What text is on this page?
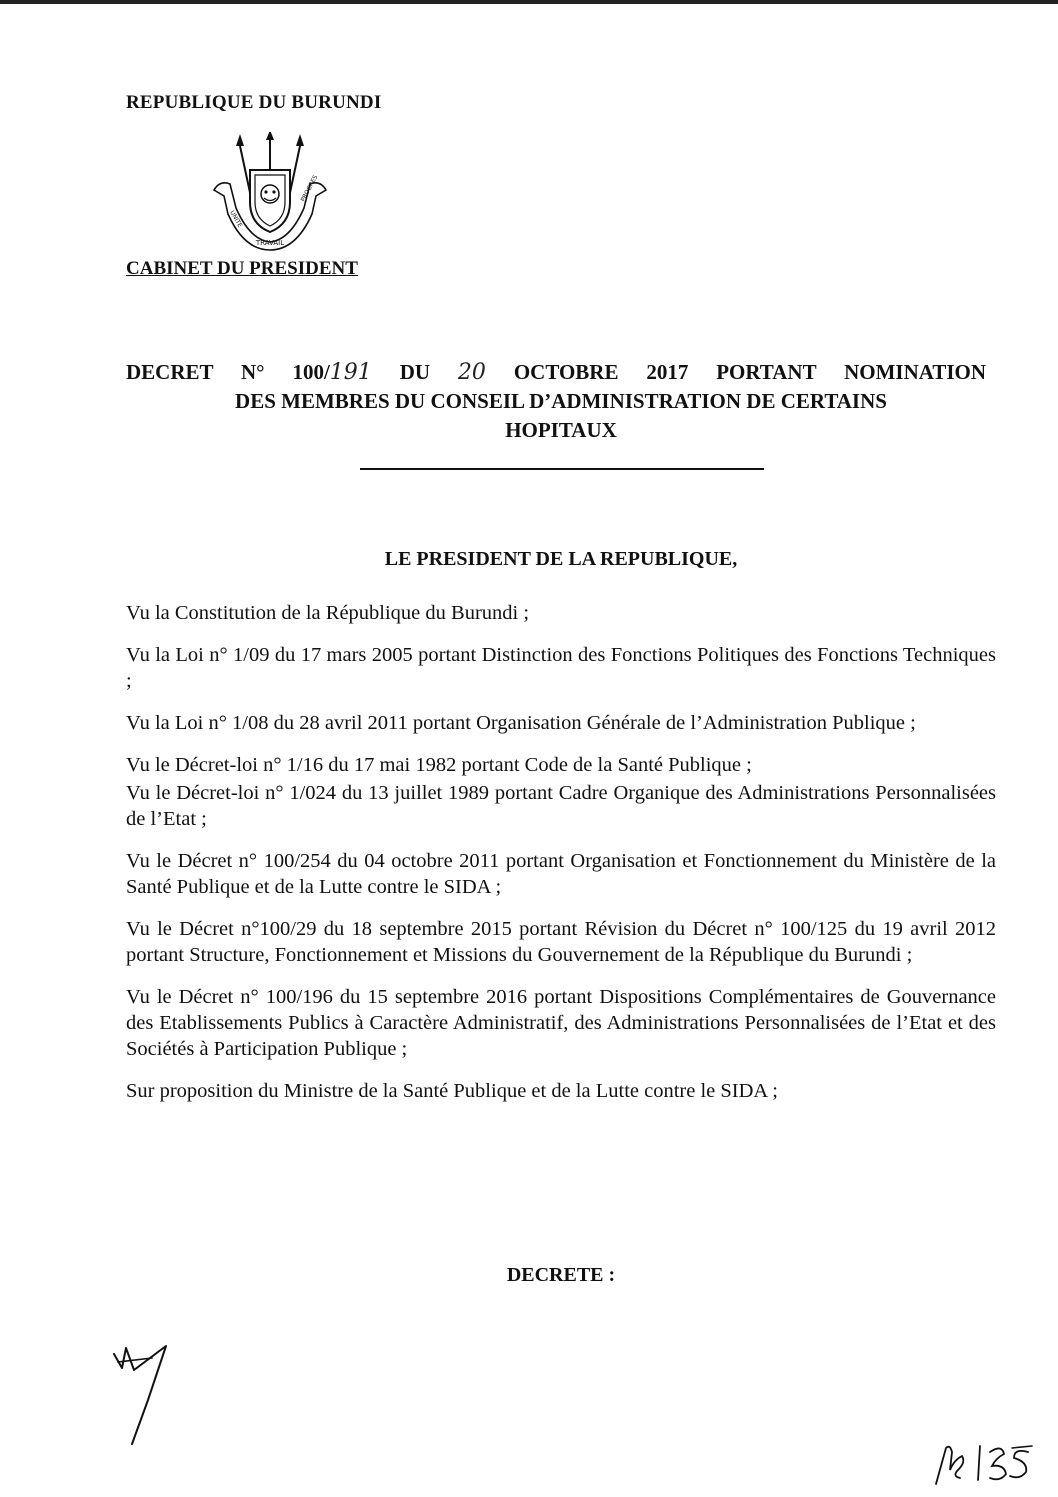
REPUBLIQUE DU BURUNDI
TRAVAIL
UNITE
PROGRES
CABINET DU PRESIDENT
DECRET N° 100/191 DU 20 OCTOBRE 2017 PORTANT NOMINATION
DES MEMBRES DU CONSEIL D’ADMINISTRATION DE CERTAINS
HOPITAUX
LE PRESIDENT DE LA REPUBLIQUE,

Vu la Constitution de la République du Burundi ;

Vu la Loi n° 1/09 du 17 mars 2005 portant Distinction des Fonctions Politiques des Fonctions Techniques ;

Vu la Loi n° 1/08 du 28 avril 2011 portant Organisation Générale de l’Administration Publique ;

Vu le Décret-loi n° 1/16 du 17 mai 1982 portant Code de la Santé Publique ;

Vu le Décret-loi n° 1/024 du 13 juillet 1989 portant Cadre Organique des Administrations Personnalisées de l’Etat ;

Vu le Décret n° 100/254 du 04 octobre 2011 portant Organisation et Fonctionnement du Ministère de la Santé Publique et de la Lutte contre le SIDA ;

Vu le Décret n°100/29 du 18 septembre 2015 portant Révision du Décret n° 100/125 du 19 avril 2012 portant Structure, Fonctionnement et Missions du Gouvernement de la République du Burundi ;

Vu le Décret n° 100/196 du 15 septembre 2016 portant Dispositions Complémentaires de Gouvernance des Etablissements Publics à Caractère Administratif, des Administrations Personnalisées de l’Etat et des Sociétés à Participation Publique ;

Sur proposition du Ministre de la Santé Publique et de la Lutte contre le SIDA ;

DECRETE :
